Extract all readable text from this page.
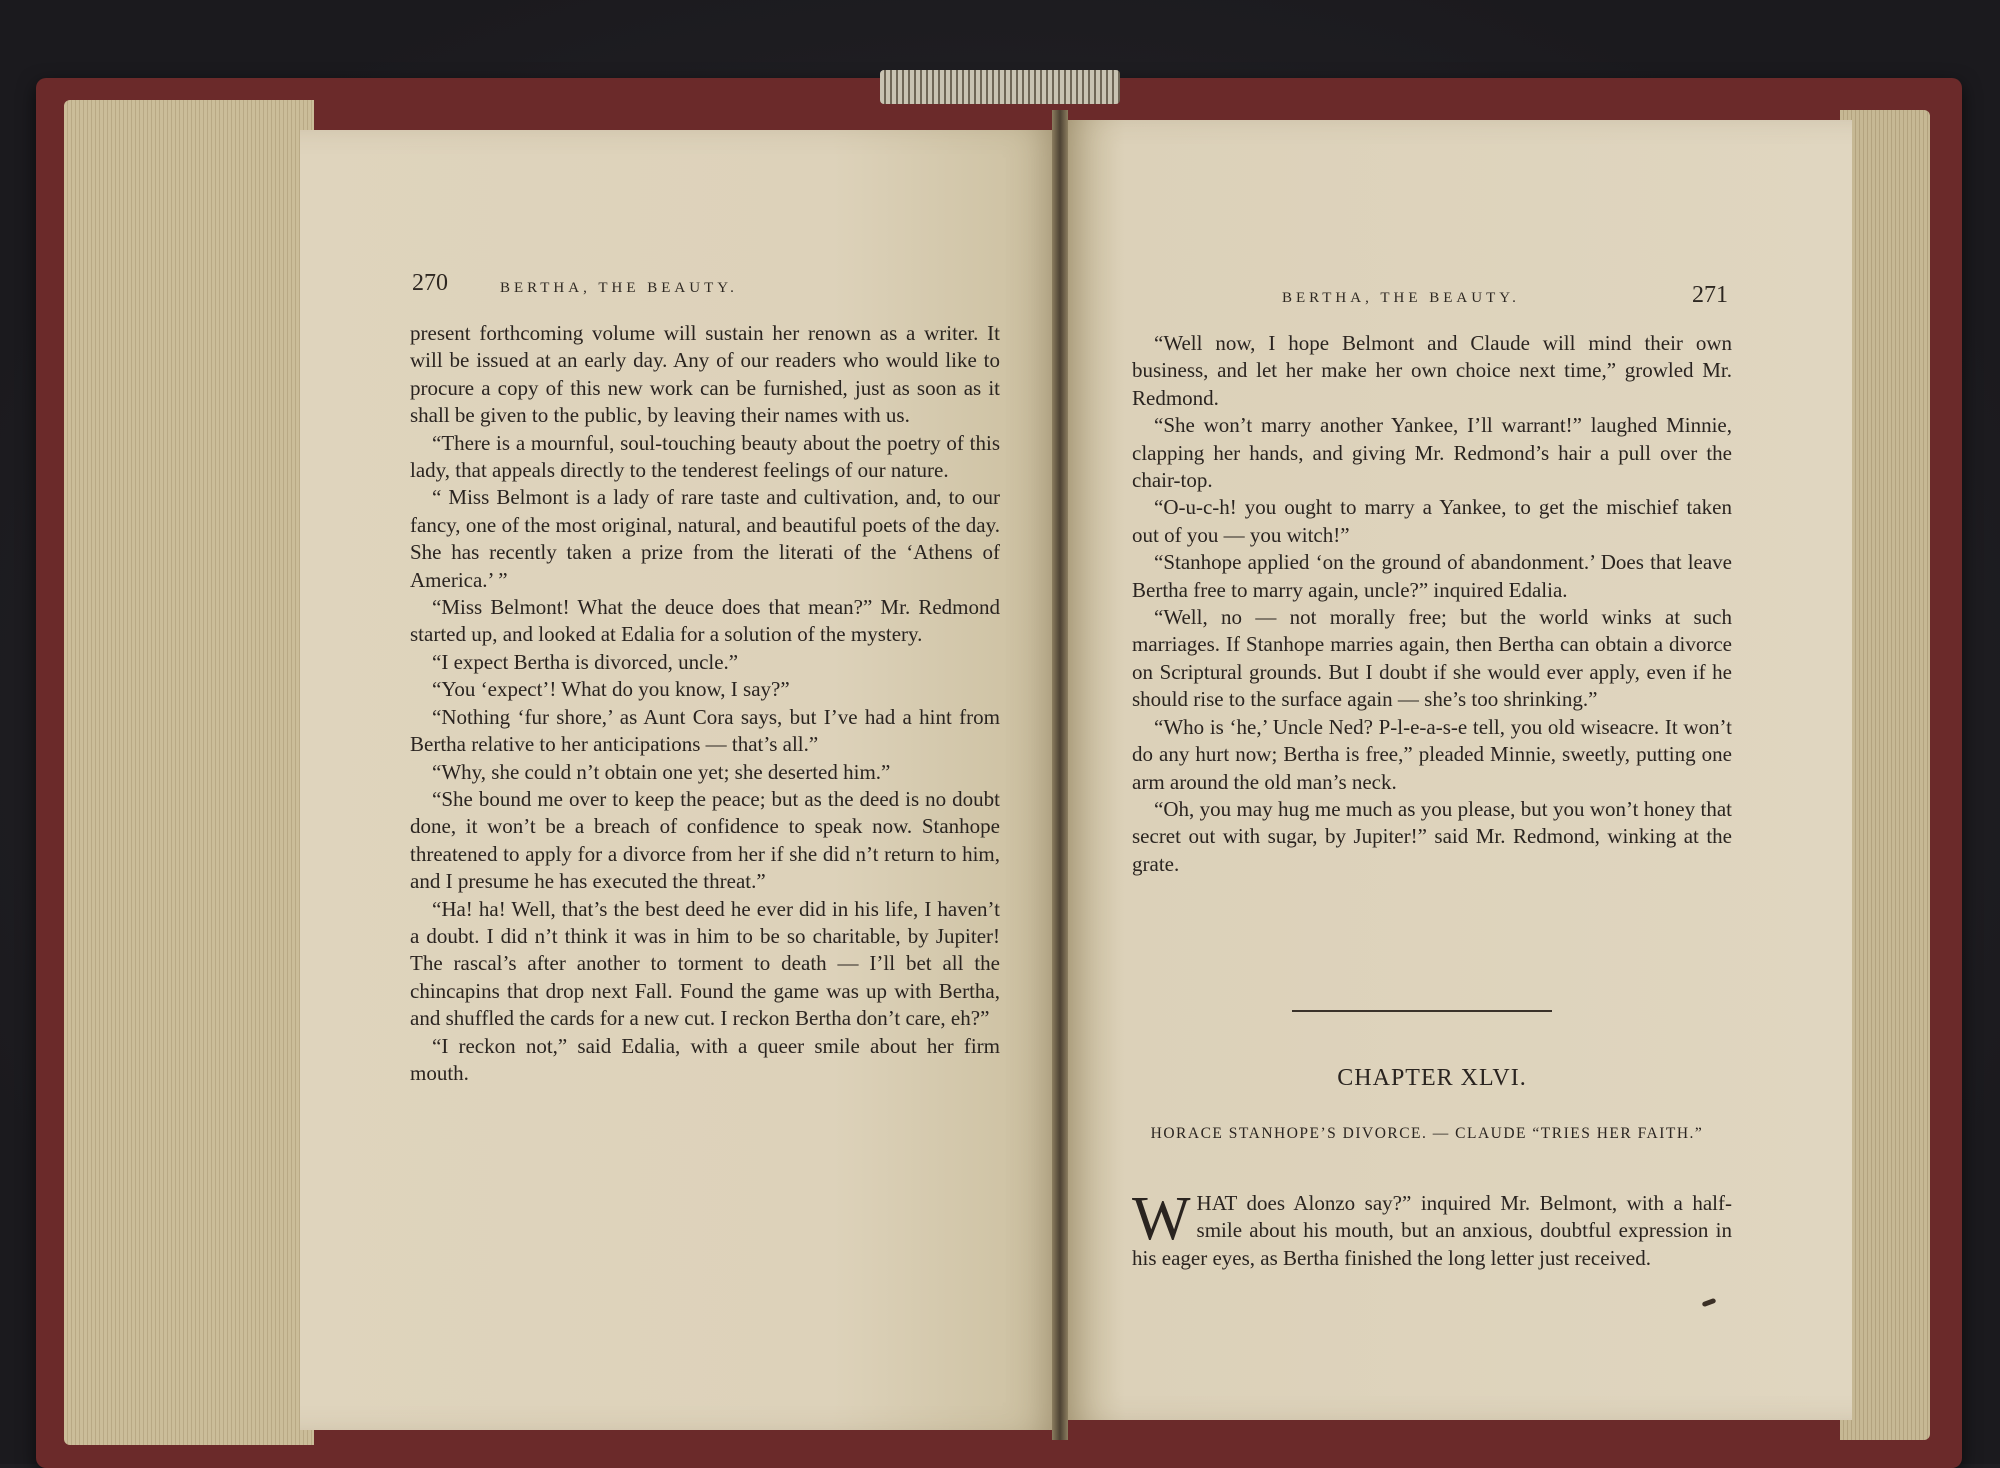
270	BERTHA, THE BEAUTY.

present forthcoming volume will sustain her renown as a writer. It will be issued at an early day. Any of our readers who would like to procure a copy of this new work can be furnished, just as soon as it shall be given to the public, by leaving their names with us.

“There is a mournful, soul-touching beauty about the poetry of this lady, that appeals directly to the tenderest feelings of our nature.

“ Miss Belmont is a lady of rare taste and cultivation, and, to our fancy, one of the most original, natural, and beautiful poets of the day. She has recently taken a prize from the literati of the ‘Athens of America.’ ”

“Miss Belmont! What the deuce does that mean?” Mr. Redmond started up, and looked at Edalia for a solution of the mystery.

“I expect Bertha is divorced, uncle.”

“You ‘expect’! What do you know, I say?”

“Nothing ‘fur shore,’ as Aunt Cora says, but I’ve had a hint from Bertha relative to her anticipations — that’s all.”

“Why, she could n’t obtain one yet; she deserted him.”

“She bound me over to keep the peace; but as the deed is no doubt done, it won’t be a breach of confidence to speak now. Stanhope threatened to apply for a divorce from her if she did n’t return to him, and I presume he has executed the threat.”

“Ha! ha! Well, that’s the best deed he ever did in his life, I haven’t a doubt. I did n’t think it was in him to be so charitable, by Jupiter! The rascal’s after another to torment to death — I’ll bet all the chincapins that drop next Fall. Found the game was up with Bertha, and shuffled the cards for a new cut. I reckon Bertha don’t care, eh?”

“I reckon not,” said Edalia, with a queer smile about her firm mouth.

BERTHA, THE BEAUTY.	271

“Well now, I hope Belmont and Claude will mind their own business, and let her make her own choice next time,” growled Mr. Redmond.

“She won’t marry another Yankee, I’ll warrant!” laughed Minnie, clapping her hands, and giving Mr. Redmond’s hair a pull over the chair-top.

“O-u-c-h! you ought to marry a Yankee, to get the mischief taken out of you — you witch!”

“Stanhope applied ‘on the ground of abandonment.’ Does that leave Bertha free to marry again, uncle?” inquired Edalia.

“Well, no — not morally free; but the world winks at such marriages. If Stanhope marries again, then Bertha can obtain a divorce on Scriptural grounds. But I doubt if she would ever apply, even if he should rise to the surface again — she’s too shrinking.”

“Who is ‘he,’ Uncle Ned? P-l-e-a-s-e tell, you old wiseacre. It won’t do any hurt now; Bertha is free,” pleaded Minnie, sweetly, putting one arm around the old man’s neck.

“Oh, you may hug me much as you please, but you won’t honey that secret out with sugar, by Jupiter!” said Mr. Redmond, winking at the grate.

CHAPTER XLVI.
HORACE STANHOPE’S DIVORCE. — CLAUDE “TRIES HER FAITH.”
W HAT does Alonzo say?” inquired Mr. Belmont, with a half-smile about his mouth, but an anxious, doubtful expression in his eager eyes, as Bertha finished the long letter just received.
